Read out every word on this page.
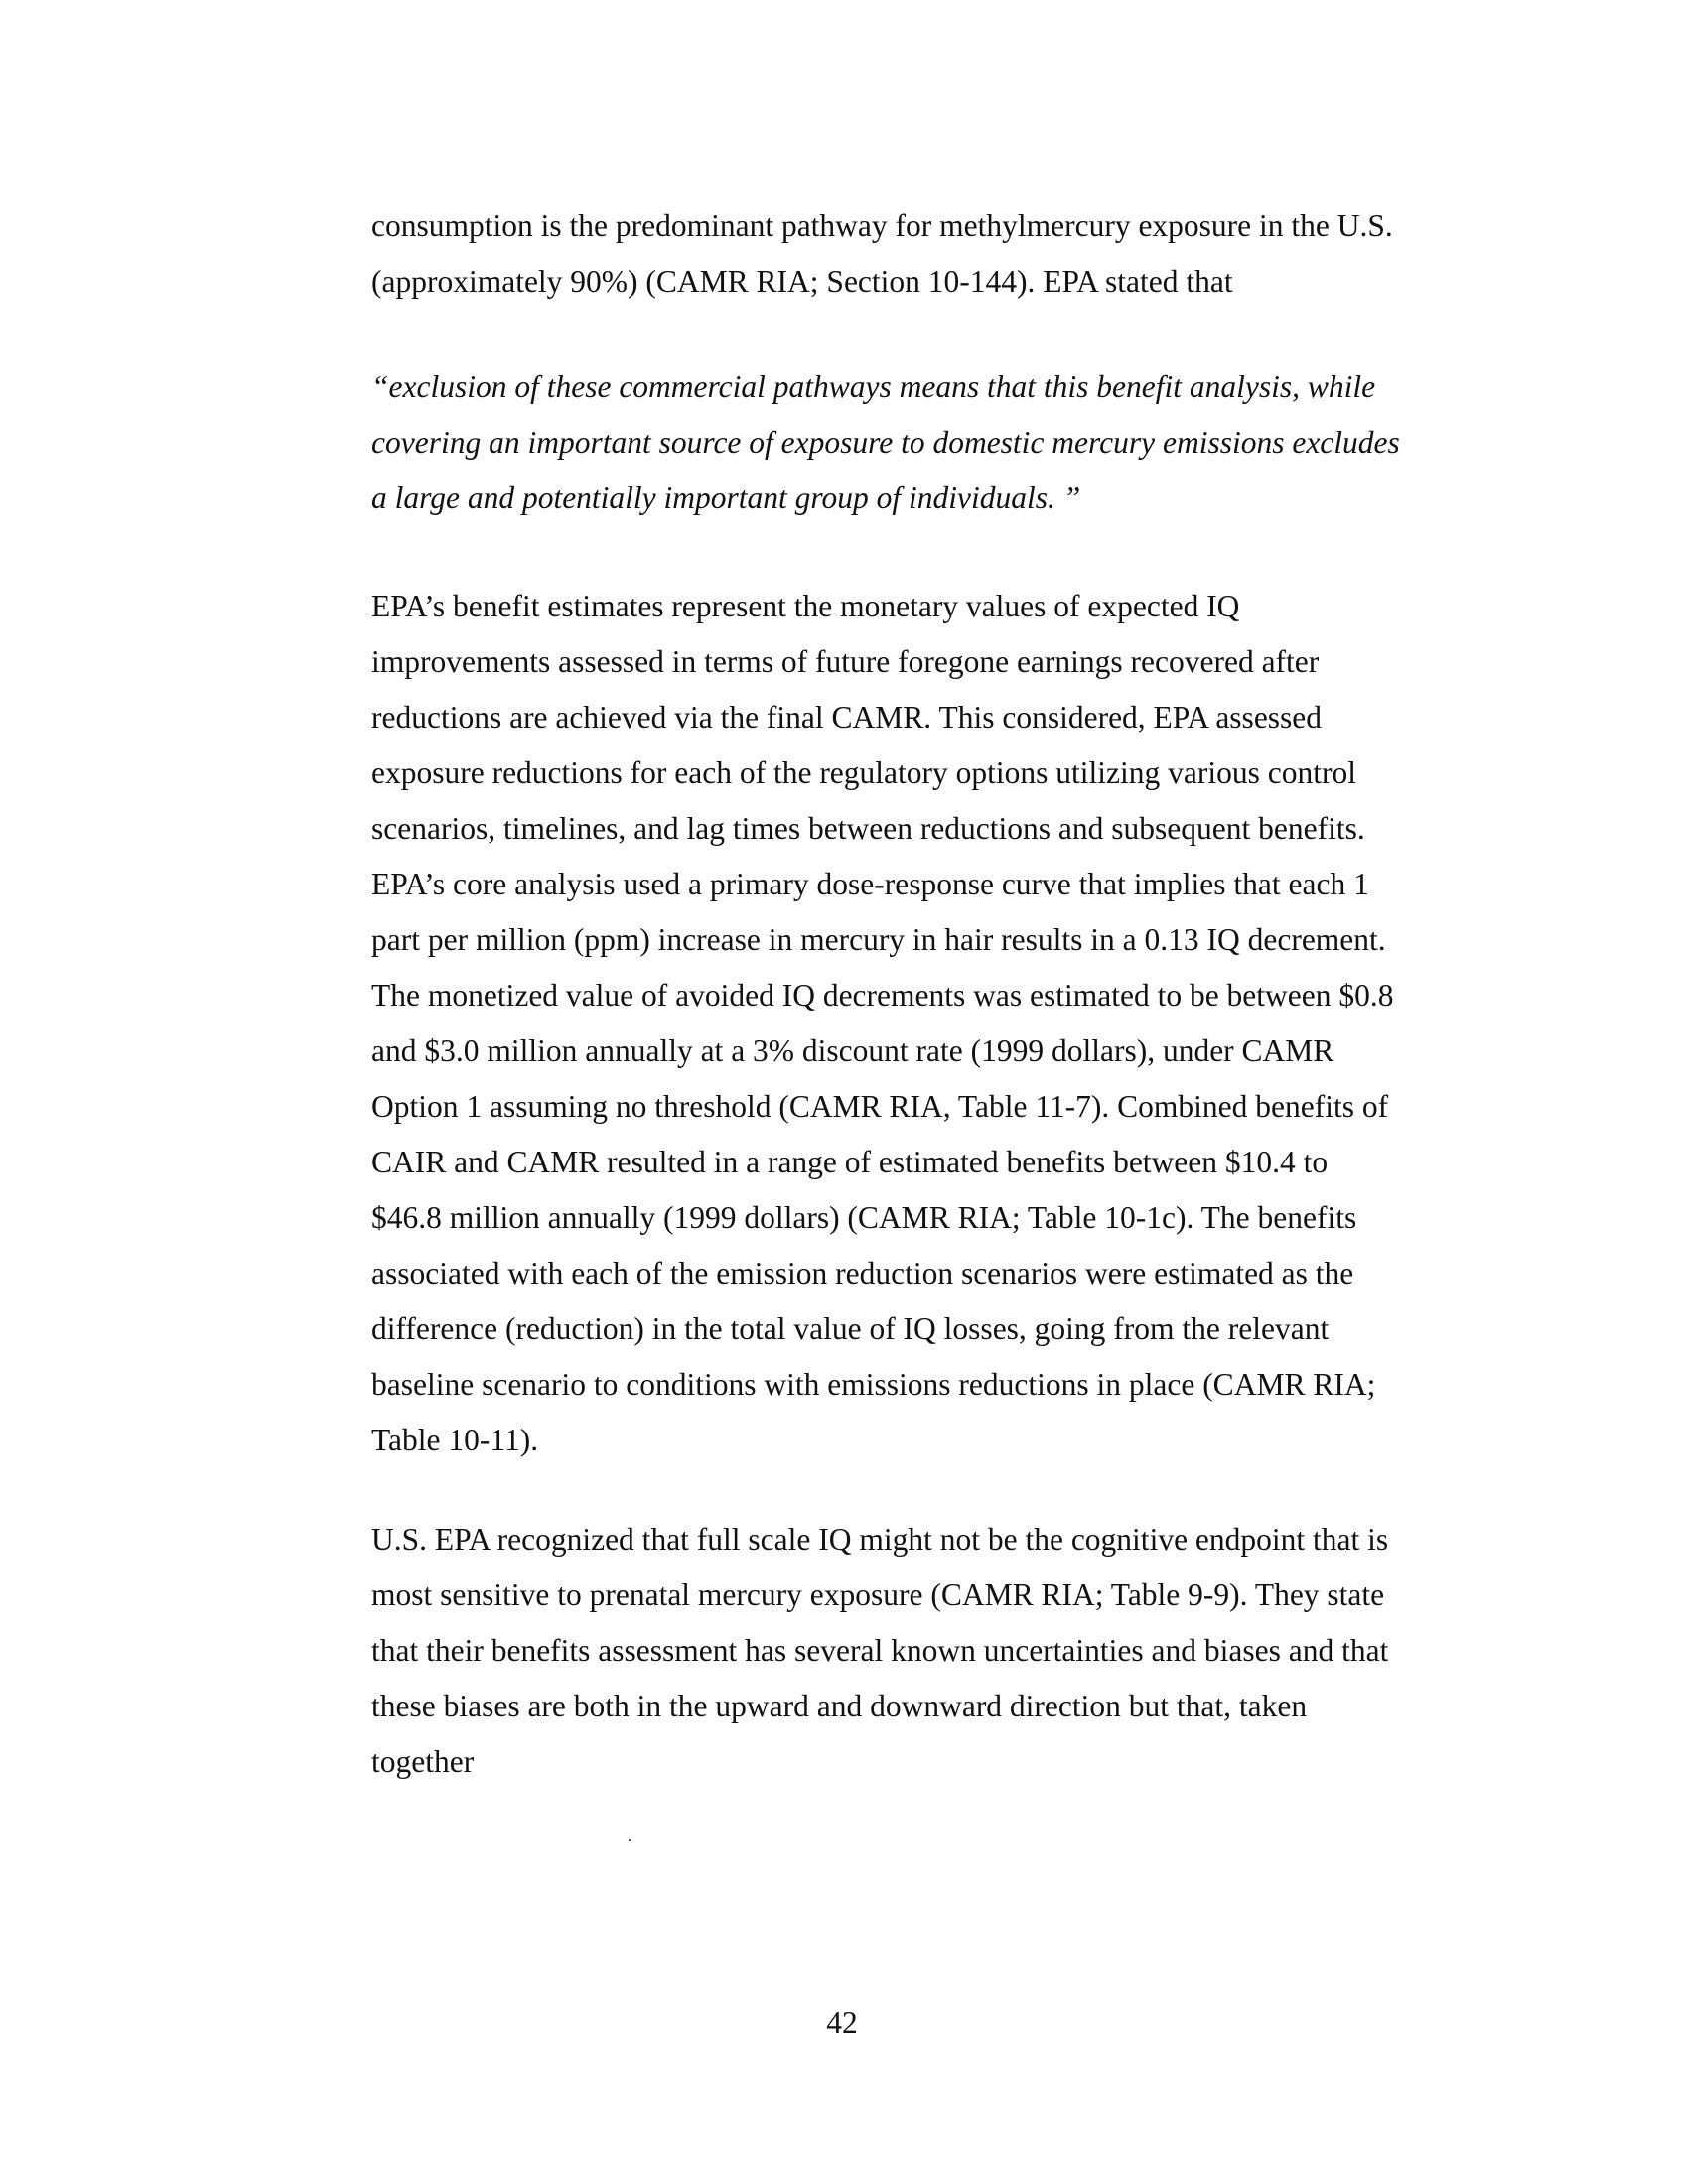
consumption is the predominant pathway for methylmercury exposure in the U.S.
(approximately 90%) (CAMR RIA; Section 10-144). EPA stated that

“exclusion of these commercial pathways means that this benefit analysis, while
covering an important source of exposure to domestic mercury emissions excludes
a large and potentially important group of individuals. ”

EPA’s benefit estimates represent the monetary values of expected IQ
improvements assessed in terms of future foregone earnings recovered after
reductions are achieved via the final CAMR. This considered, EPA assessed
exposure reductions for each of the regulatory options utilizing various control
scenarios, timelines, and lag times between reductions and subsequent benefits.
EPA’s core analysis used a primary dose-response curve that implies that each 1
part per million (ppm) increase in mercury in hair results in a 0.13 IQ decrement.
The monetized value of avoided IQ decrements was estimated to be between $0.8
and $3.0 million annually at a 3% discount rate (1999 dollars), under CAMR
Option 1 assuming no threshold (CAMR RIA, Table 11-7). Combined benefits of
CAIR and CAMR resulted in a range of estimated benefits between $10.4 to
$46.8 million annually (1999 dollars) (CAMR RIA; Table 10-1c). The benefits
associated with each of the emission reduction scenarios were estimated as the
difference (reduction) in the total value of IQ losses, going from the relevant
baseline scenario to conditions with emissions reductions in place (CAMR RIA;
Table 10-11).

U.S. EPA recognized that full scale IQ might not be the cognitive endpoint that is
most sensitive to prenatal mercury exposure (CAMR RIA; Table 9-9). They state
that their benefits assessment has several known uncertainties and biases and that
these biases are both in the upward and downward direction but that, taken
together

42
